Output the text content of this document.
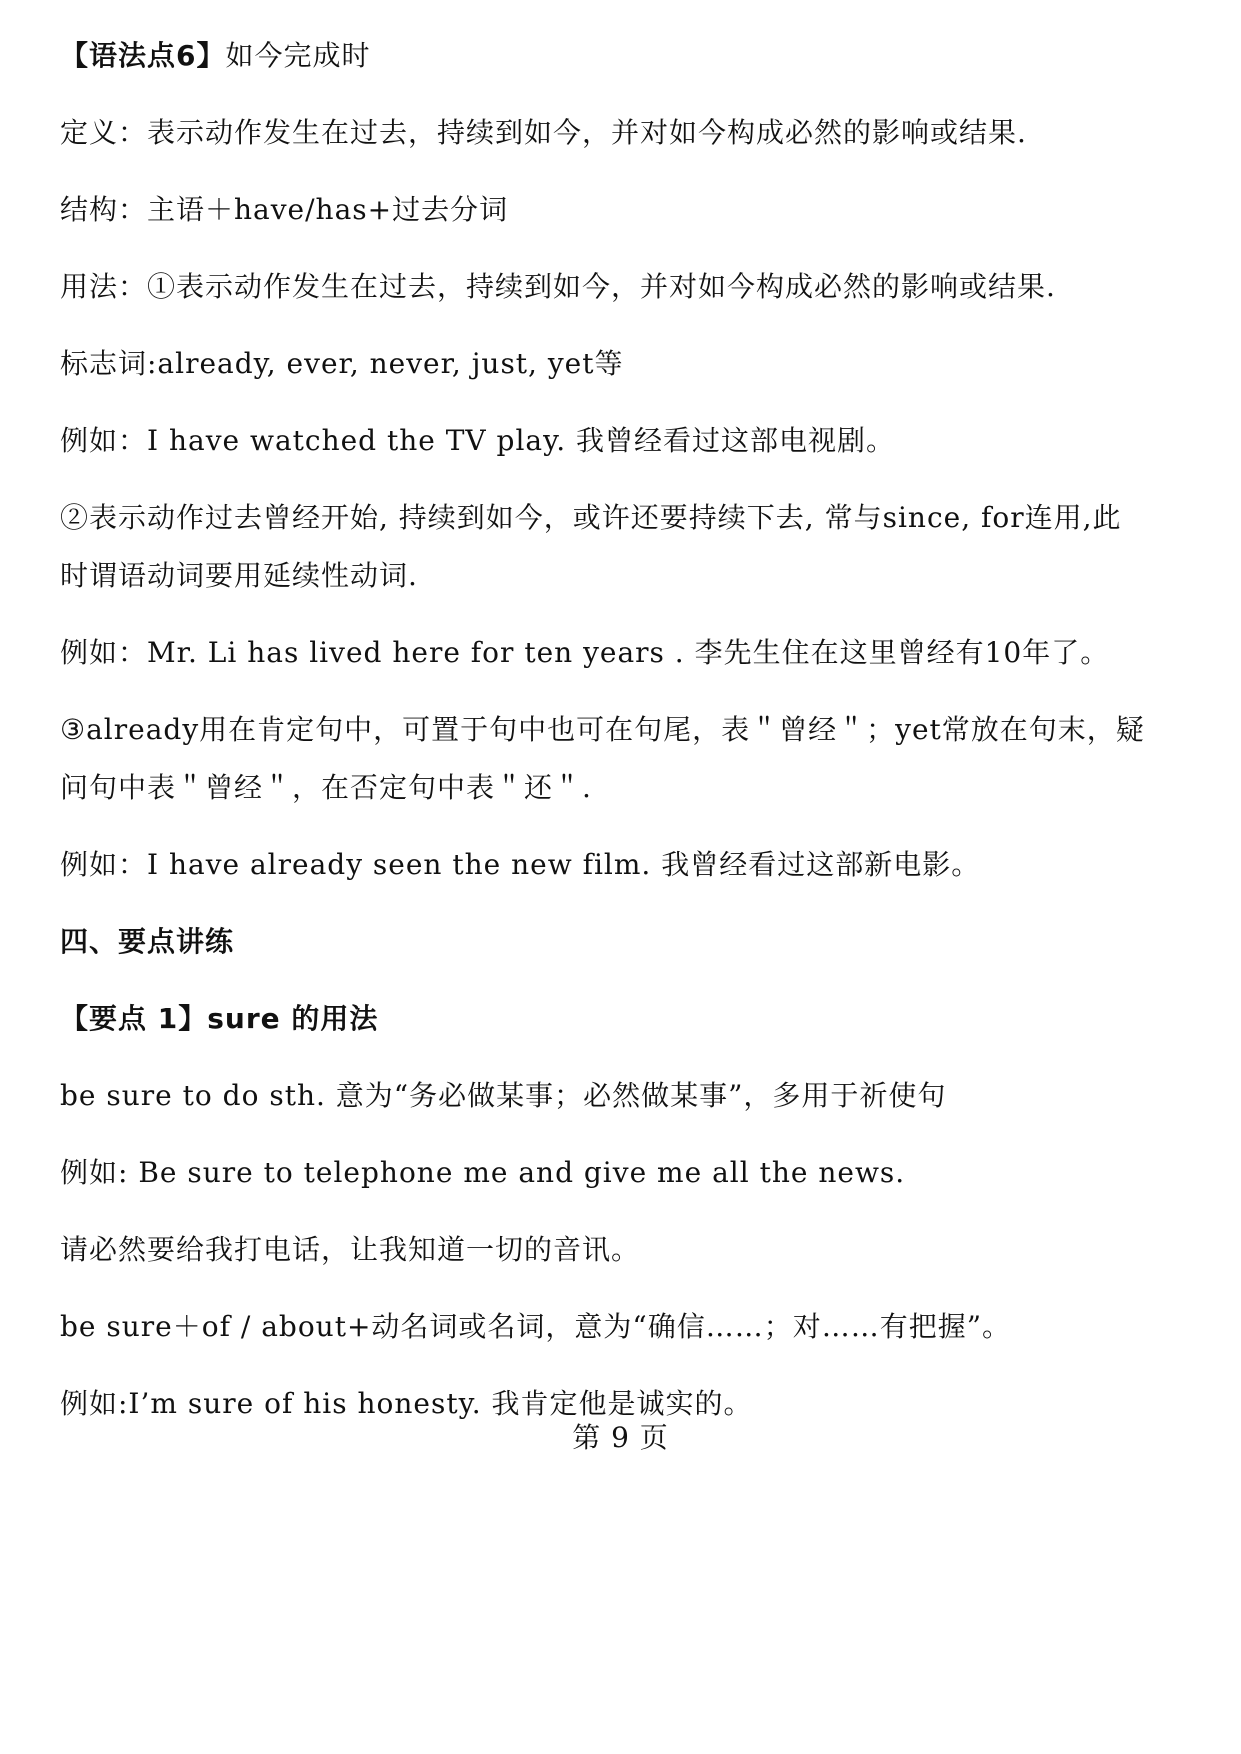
【语法点6】如今完成时
定义：表示动作发生在过去，持续到如今，并对如今构成必然的影响或结果.
结构：主语＋have/has+过去分词
用法：①表示动作发生在过去，持续到如今，并对如今构成必然的影响或结果.
标志词:already, ever, never, just, yet等
例如：I have watched the TV play. 我曾经看过这部电视剧。
②表示动作过去曾经开始, 持续到如今，或许还要持续下去, 常与since, for连用,此
时谓语动词要用延续性动词.
例如：Mr. Li has lived here for ten years . 李先生住在这里曾经有10年了。
③already用在肯定句中，可置于句中也可在句尾，表＂曾经＂；yet常放在句末，疑
问句中表＂曾经＂，在否定句中表＂还＂.
例如：I have already seen the new film. 我曾经看过这部新电影。
四、要点讲练
【要点 1】sure 的用法
be sure to do sth. 意为“务必做某事；必然做某事”，多用于祈使句
例如: Be sure to telephone me and give me all the news.
请必然要给我打电话，让我知道一切的音讯。
be sure＋of / about+动名词或名词，意为“确信……；对……有把握”。
例如:I’m sure of his honesty. 我肯定他是诚实的。
第 9 页
